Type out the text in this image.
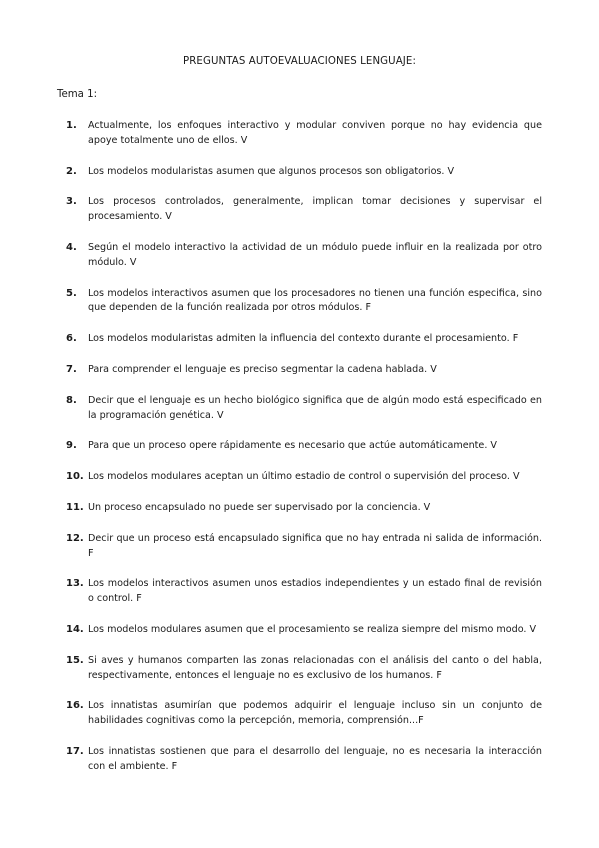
PREGUNTAS AUTOEVALUACIONES LENGUAJE:
Tema 1:
1.	Actualmente, los enfoques interactivo y modular conviven porque no hay evidencia que apoye totalmente uno de ellos. V
2.	Los modelos modularistas asumen que algunos procesos son obligatorios. V
3.	Los procesos controlados, generalmente, implican tomar decisiones y supervisar el procesamiento. V
4.	Según el modelo interactivo la actividad de un módulo puede influir en la realizada por otro módulo. V
5.	Los modelos interactivos asumen que los procesadores no tienen una función especifica, sino que dependen de la función realizada por otros módulos. F
6.	Los modelos modularistas admiten la influencia del contexto durante el procesamiento. F
7.	Para comprender el lenguaje es preciso segmentar la cadena hablada. V
8.	Decir que el lenguaje es un hecho biológico significa que de algún modo está especificado en la programación genética. V
9.	Para que un proceso opere rápidamente es necesario que actúe automáticamente. V
10. Los modelos modulares aceptan un último estadio de control o supervisión del proceso. V
11. Un proceso encapsulado no puede ser supervisado por la conciencia. V
12. Decir que un proceso está encapsulado significa que no hay entrada ni salida de información. F
13. Los modelos interactivos asumen unos estadios independientes y un estado final de revisión o control. F
14. Los modelos modulares asumen que el procesamiento se realiza siempre del mismo modo. V
15. Si aves y humanos comparten las zonas relacionadas con el análisis del canto o del habla, respectivamente, entonces el lenguaje no es exclusivo de los humanos. F
16. Los innatistas asumirían que podemos adquirir el lenguaje incluso sin un conjunto de habilidades cognitivas como la percepción, memoria, comprensión...F
17. Los innatistas sostienen que para el desarrollo del lenguaje, no es necesaria la interacción con el ambiente. F
